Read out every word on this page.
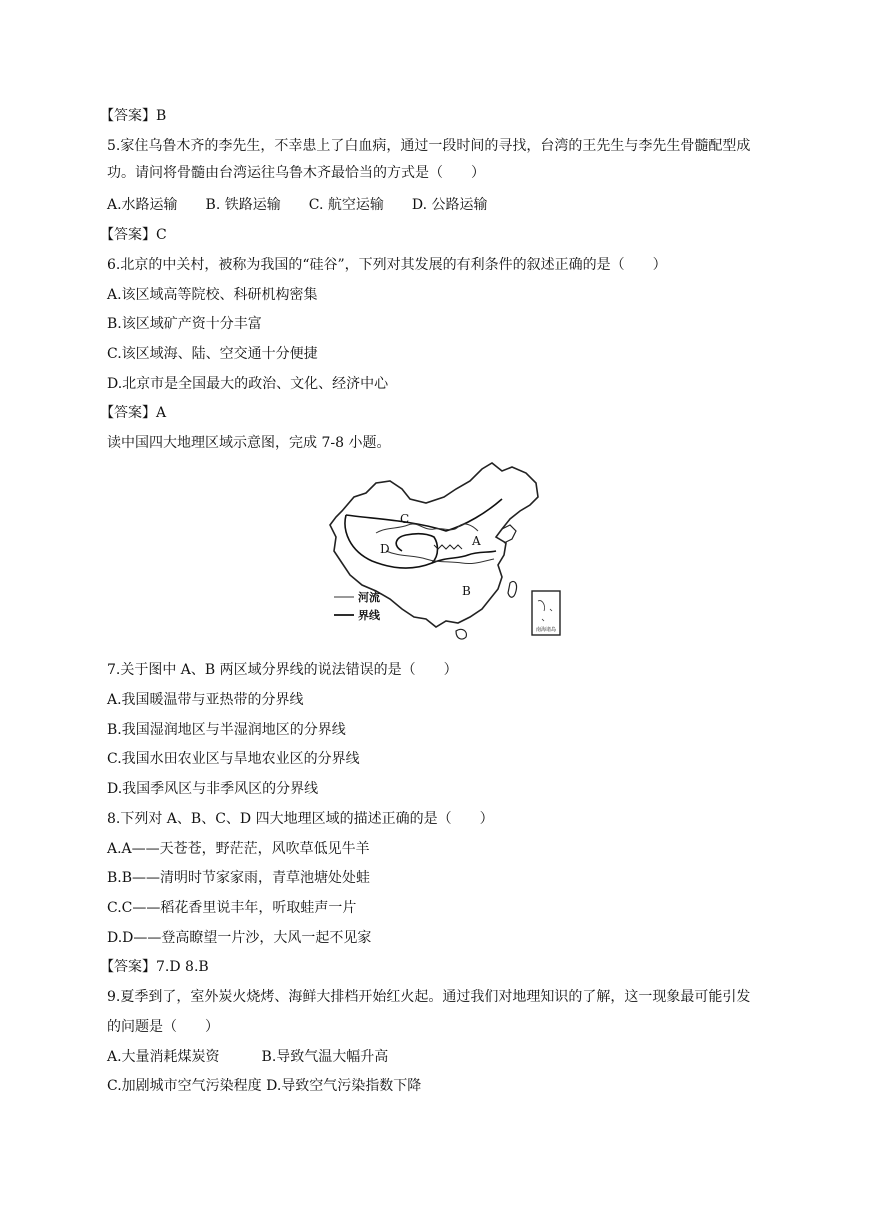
【答案】B
5.家住乌鲁木齐的李先生，不幸患上了白血病，通过一段时间的寻找，台湾的王先生与李先生骨髓配型成
功。请问将骨髓由台湾运往乌鲁木齐最恰当的方式是（　　）
A.水路运输　　B. 铁路运输　　C. 航空运输　　D. 公路运输
【答案】C
6.北京的中关村，被称为我国的“硅谷”，下列对其发展的有利条件的叙述正确的是（　　）
A.该区域高等院校、科研机构密集
B.该区域矿产资十分丰富
C.该区域海、陆、空交通十分便捷
D.北京市是全国最大的政治、文化、经济中心
【答案】A
读中国四大地理区域示意图，完成 7-8 小题。
C
D
A
B
河流
界线
南海诸岛
7.关于图中 A、B 两区域分界线的说法错误的是（　　）
A.我国暖温带与亚热带的分界线
B.我国湿润地区与半湿润地区的分界线
C.我国水田农业区与旱地农业区的分界线
D.我国季风区与非季风区的分界线
8.下列对 A、B、C、D 四大地理区域的描述正确的是（　　）
A.A——天苍苍，野茫茫，风吹草低见牛羊
B.B——清明时节家家雨，青草池塘处处蛙
C.C——稻花香里说丰年，听取蛙声一片
D.D——登高瞭望一片沙，大风一起不见家
【答案】7.D 8.B
9.夏季到了，室外炭火烧烤、海鲜大排档开始红火起。通过我们对地理知识的了解，这一现象最可能引发
的问题是（　　）
A.大量消耗煤炭资　　　B.导致气温大幅升高
C.加剧城市空气污染程度 D.导致空气污染指数下降
